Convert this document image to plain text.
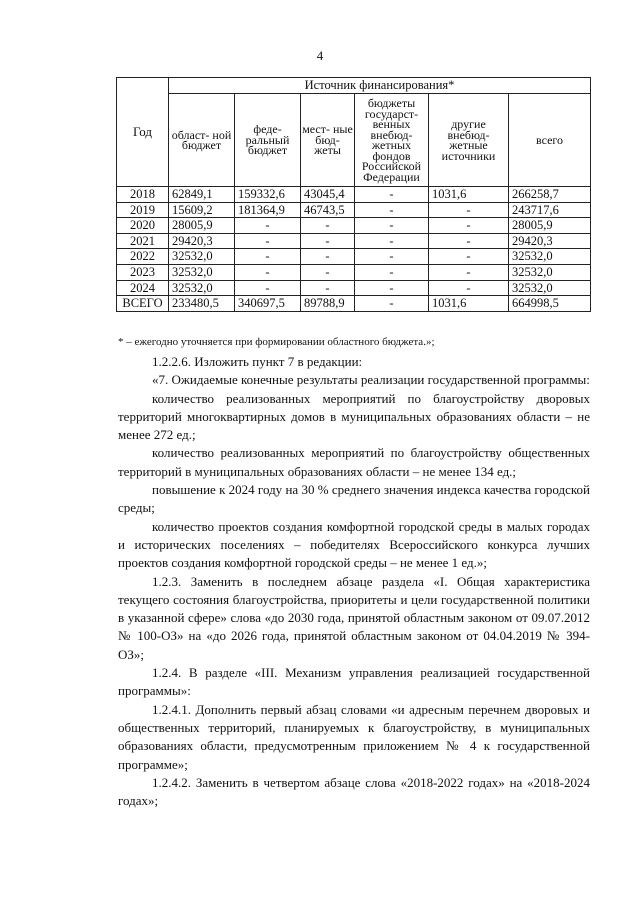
4
Год	Источник финансирования*					
	област- ной бюджет	феде- ральный бюджет	мест- ные бюд- жеты	бюджеты государст- венных внебюд- жетных фондов Российской Федерации	другие внебюд- жетные источники	всего
2018	62849,1	159332,6	43045,4	-	1031,6	266258,7
2019	15609,2	181364,9	46743,5	-	-	243717,6
2020	28005,9	-	-	-	-	28005,9
2021	29420,3	-	-	-	-	29420,3
2022	32532,0	-	-	-	-	32532,0
2023	32532,0	-	-	-	-	32532,0
2024	32532,0	-	-	-	-	32532,0
ВСЕГО	233480,5	340697,5	89788,9	-	1031,6	664998,5
* – ежегодно уточняется при формировании областного бюджета.»;

1.2.2.6. Изложить пункт 7 в редакции:

«7. Ожидаемые конечные результаты реализации государственной программы:

количество реализованных мероприятий по благоустройству дворовых территорий многоквартирных домов в муниципальных образованиях области – не менее 272 ед.;

количество реализованных мероприятий по благоустройству общественных территорий в муниципальных образованиях области – не менее 134 ед.;

повышение к 2024 году на 30 % среднего значения индекса качества городской среды;

количество проектов создания комфортной городской среды в малых городах и исторических поселениях – победителях Всероссийского конкурса лучших проектов создания комфортной городской среды – не менее 1 ед.»;

1.2.3. Заменить в последнем абзаце раздела «I. Общая характеристика текущего состояния благоустройства, приоритеты и цели государственной политики в указанной сфере» слова «до 2030 года, принятой областным законом от 09.07.2012 № 100-ОЗ» на «до 2026 года, принятой областным законом от 04.04.2019 № 394-ОЗ»;

1.2.4. В разделе «III. Механизм управления реализацией государственной программы»:

1.2.4.1. Дополнить первый абзац словами «и адресным перечнем дворовых и общественных территорий, планируемых к благоустройству, в муниципальных образованиях области, предусмотренным приложением № 4 к государственной программе»;

1.2.4.2. Заменить в четвертом абзаце слова «2018-2022 годах» на «2018-2024 годах»;
